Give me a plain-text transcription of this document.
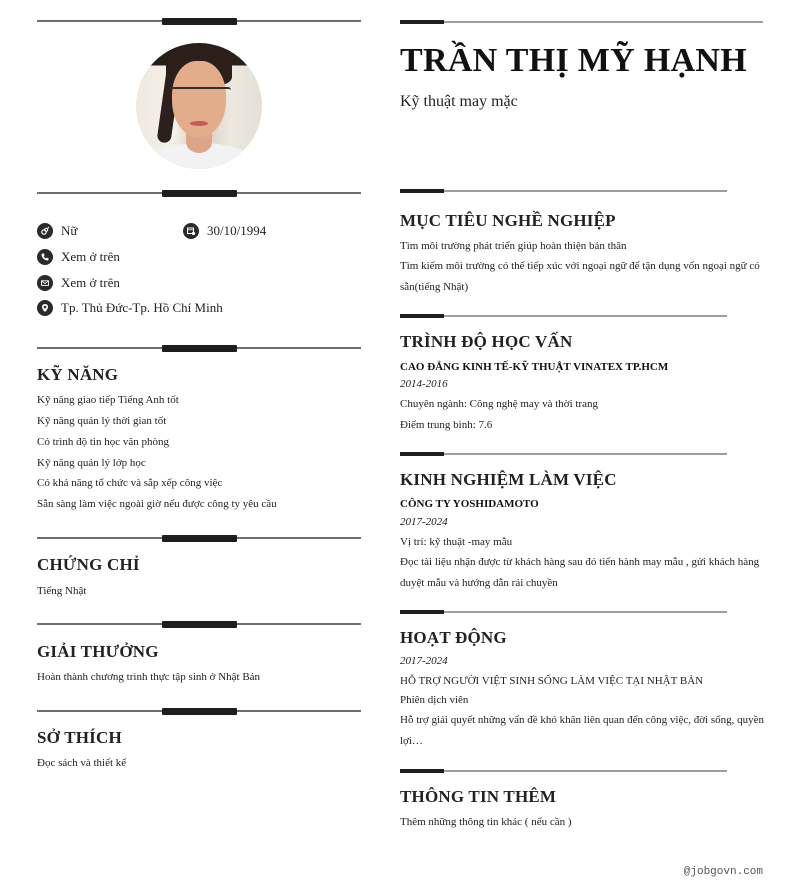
Nữ	30/10/1994
Xem ở trên
Xem ở trên
Tp. Thủ Đức-Tp. Hồ Chí Minh
KỸ NĂNG
Kỹ năng giao tiếp Tiếng Anh tốt
Kỹ năng quản lý thời gian tốt
Có trình độ tin học văn phòng
Kỹ năng quản lý lớp học
Có khả năng tổ chức và sắp xếp công việc
Sẵn sàng làm việc ngoài giờ nếu được công ty yêu cầu
CHỨNG CHỈ
Tiếng Nhật
GIẢI THƯỞNG
Hoàn thành chương trình thực tập sinh ở Nhật Bản
SỞ THÍCH
Đọc sách và thiết kế
TRẦN THỊ MỸ HẠNH
Kỹ thuật may mặc
MỤC TIÊU NGHỀ NGHIỆP
Tìm môi trường phát triển giúp hoàn thiện bản thân
Tìm kiếm môi trường có thể tiếp xúc với ngoại ngữ để tận dụng vốn ngoại ngữ có sẵn(tiếng Nhật)
TRÌNH ĐỘ HỌC VẤN
CAO ĐẲNG KINH TẾ-KỸ THUẬT VINATEX TP.HCM
2014-2016
Chuyên ngành: Công nghệ may và thời trang
Điểm trung bình: 7.6
KINH NGHIỆM LÀM VIỆC
CÔNG TY YOSHIDAMOTO
2017-2024
Vị trí: kỹ thuật -may mẫu
Đọc tài liệu nhận được từ khách hàng sau đó tiến hành may mẫu , gửi khách hàng duyệt mẫu và hướng dẫn rải chuyền
HOẠT ĐỘNG
2017-2024
HỖ TRỢ NGƯỜI VIỆT SINH SỐNG LÀM VIỆC TẠI NHẬT BẢN
Phiên dịch viên
Hỗ trợ giải quyết những vấn đề khó khăn liên quan đến công việc, đời sống, quyền lợi…
THÔNG TIN THÊM
Thêm những thông tin khác ( nếu cần )
@jobgovn.com
